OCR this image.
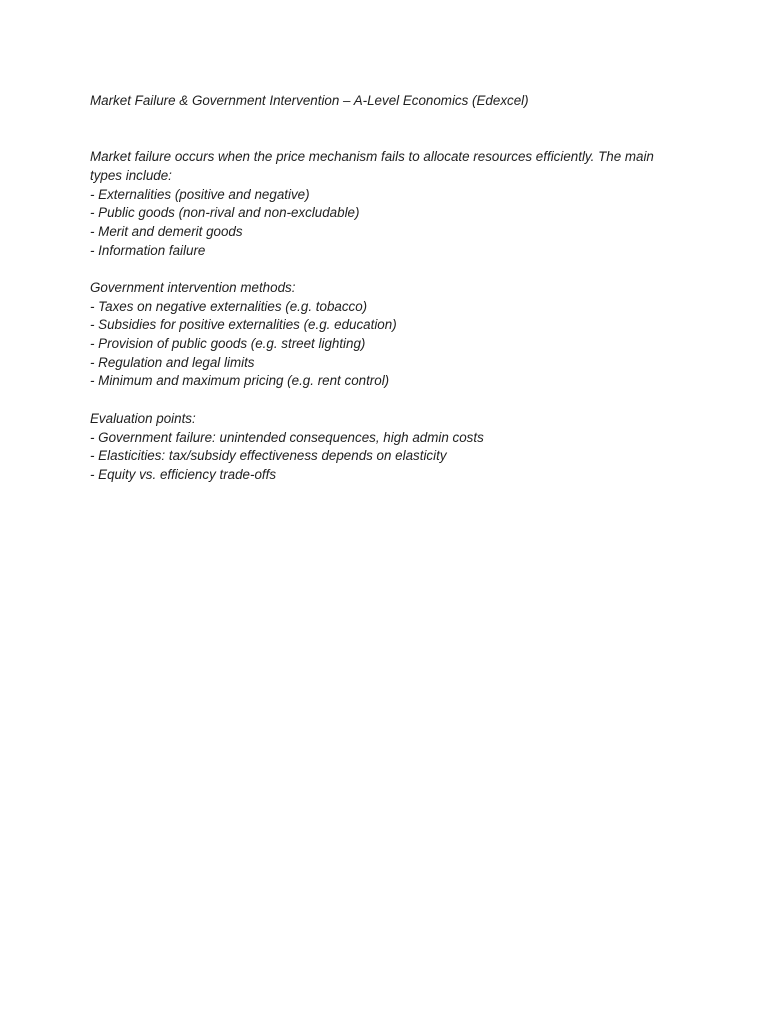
Market Failure & Government Intervention – A-Level Economics (Edexcel)

Market failure occurs when the price mechanism fails to allocate resources efficiently. The main
types include:
- Externalities (positive and negative)
- Public goods (non-rival and non-excludable)
- Merit and demerit goods
- Information failure
Government intervention methods:
- Taxes on negative externalities (e.g. tobacco)
- Subsidies for positive externalities (e.g. education)
- Provision of public goods (e.g. street lighting)
- Regulation and legal limits
- Minimum and maximum pricing (e.g. rent control)
Evaluation points:
- Government failure: unintended consequences, high admin costs
- Elasticities: tax/subsidy effectiveness depends on elasticity
- Equity vs. efficiency trade-offs
